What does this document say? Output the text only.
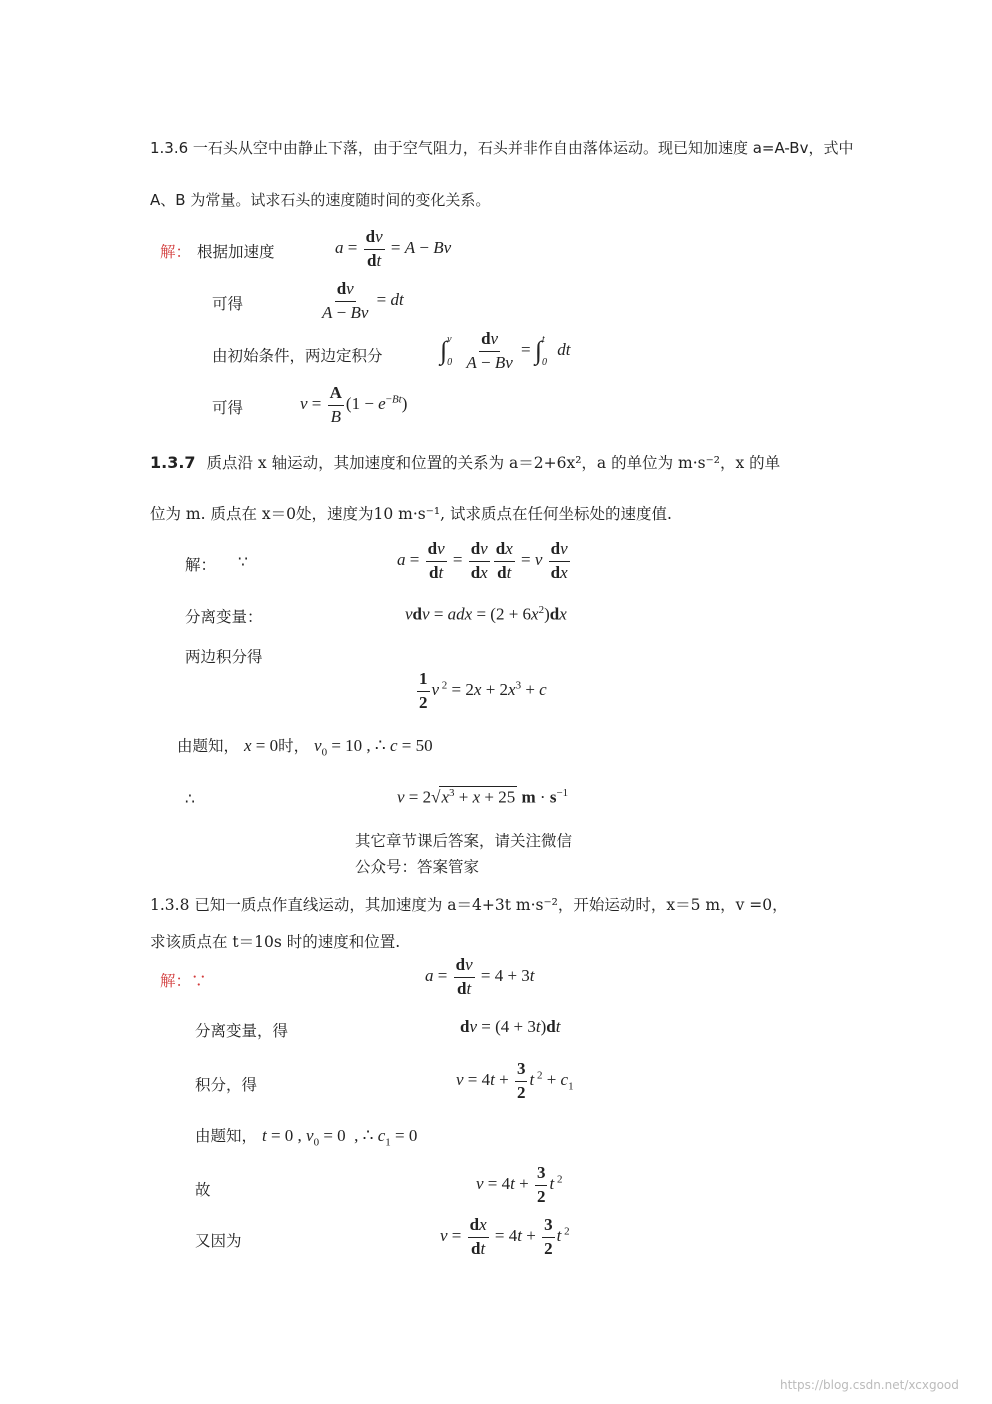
1.3.6 一石头从空中由静止下落，由于空气阻力，石头并非作自由落体运动。现已知加速度 a=A-Bv，式中
A、B 为常量。试求石头的速度随时间的变化关系。
解： 根据加速度	$a = \frac{dv}{dt} = A - Bv$
可得	$\frac{dv}{A - Bv}$ = dt
由初始条件，两边定积分 ∫ v
0
$\frac{dv}{A - Bv}$ = ∫ t
0
dt
可得	$v = \frac{A}{B} (1 - e^{-Bt})$
1.3.7 质点沿 x 轴运动，其加速度和位置的关系为 a＝2+6x²，a 的单位为 m·s⁻²，x 的单
位为 m. 质点在 x＝0处，速度为10 m·s⁻¹, 试求质点在任何坐标处的速度值.
解： ∵	$a = \frac{dv}{dt} = \frac{dv}{dx} \frac{dx}{dt} = v \frac{dv}{dx}$
分离变量：	vdv = adx = $(2 + 6x^2)dx$
两边积分得
$\frac{1}{2}$ v $^2 = 2x + 2x^3 + c$
由题知， x = 0时， $v_0 = 10$ , ∴ c = 50
∴	$v = 2√x^3 + x + 25$ $m \cdot s^{-1}$
其它章节课后答案，请关注微信
公众号：答案管家
1.3.8 已知一质点作直线运动，其加速度为 a＝4+3t m·s⁻²，开始运动时，x＝5 m，v =0，
求该质点在 t＝10s 时的速度和位置.
解：∵	$a = \frac{dv}{dt} = 4 + 3t$
分离变量，得	dv = (4 + 3t)dt
积分，得	$v = 4t + \frac{3}{2}$ t $^2 + c_1$
由题知， t = 0 , $v_0 = 0$  , ∴ $c_1 = 0$
故	$v = 4t + \frac{3}{2}$ t $^2$
又因为	$v = \frac{dx}{dt} = 4t + \frac{3}{2}$ t $^2$
https://blog.csdn.net/xcxgood
